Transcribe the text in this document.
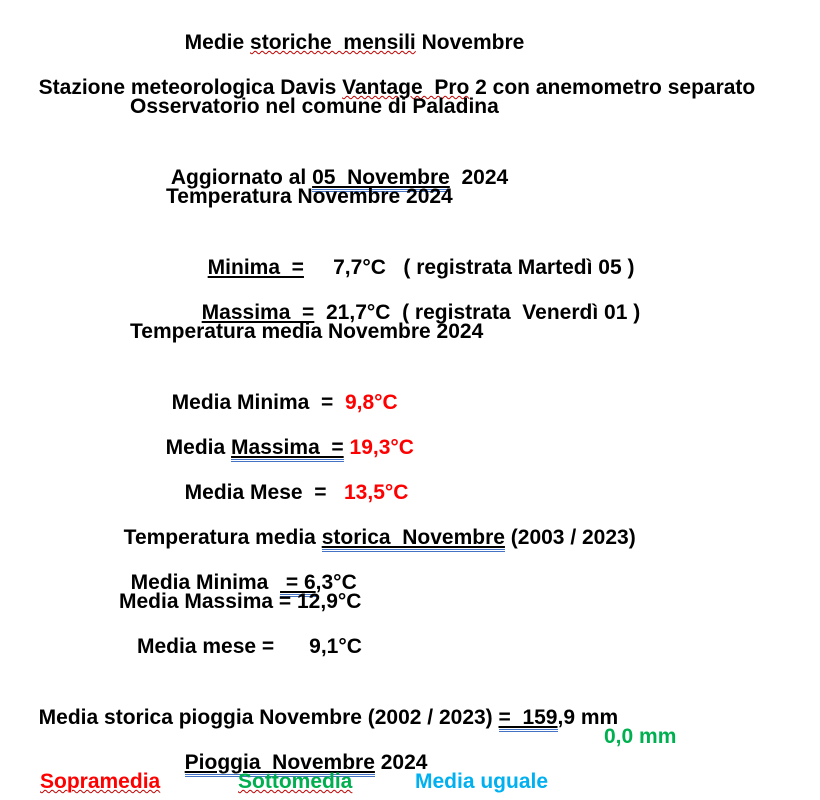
Medie storiche  mensili Novembre

Stazione meteorologica Davis Vantage  Pro 2 con anemometro separato

Osservatorio nel comune di Paladina

Aggiornato al 05  Novembre  2024

Temperatura Novembre 2024

Minima  =     7,7°C   ( registrata Martedì 05 )

Massima  =  21,7°C  ( registrata  Venerdì 01 )

Temperatura media Novembre 2024

Media Minima  =  9,8°C

Media Massima  = 19,3°C

Media Mese  =   13,5°C

Temperatura media storica  Novembre (2003 / 2023)

Media Minima   = 6,3°C

Media Massima = 12,9°C
Media mese =      9,1°C

Media storica pioggia Novembre (2002 / 2023) =  159,9 mm

Pioggia  Novembre 2024

0,0 mm
Sopramedia	Sottomedia	Media uguale
